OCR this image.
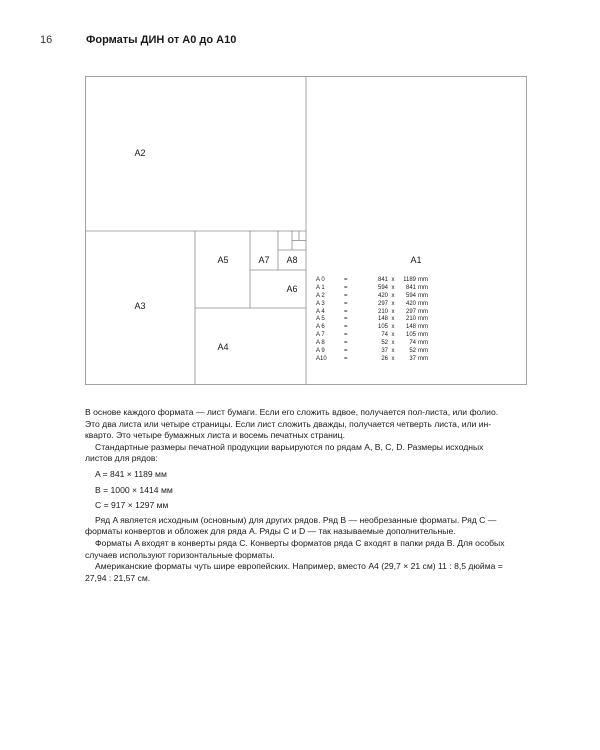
16	Форматы ДИН от А0 до А10
A2
A3
A4
A5
A6
A7 A8	A1
A 0	=	841 x	1189 mm
A 1	=	594 x	841 mm
A 2	=	420 x	594 mm
A 3	=	297 x	420 mm
A 4	=	210 x	297 mm
A 5	=	148 x	210 mm
A 6	=	105 x	148 mm
A 7	=	74 x	105 mm
A 8	=	52 x	74 mm
A 9	=	37 x	52 mm
A10	=	26 x	37 mm

В основе каждого формата — лист бумаги. Если его сложить вдвое, получается пол-листа, или фолио. Это два листа или четыре страницы. Если лист сложить дважды, получается четверть листа, или ин-кварто. Это четыре бумажных листа и восемь печатных страниц.

Стандартные размеры печатной продукции варьируются по рядам A, B, C, D. Размеры исходных листов для рядов:

A = 841 × 1189 мм

B = 1000 × 1414 мм

C = 917 × 1297 мм

Ряд A является исходным (основным) для других рядов. Ряд B — необрезанные форматы. Ряд C — форматы конвертов и обложек для ряда A. Ряды C и D — так называемые дополнительные.

Форматы A входят в конверты ряда C. Конверты форматов ряда C входят в папки ряда B. Для особых случаев используют горизонтальные форматы.

Американские форматы чуть шире европейских. Например, вместо A4 (29,7 × 21 см) 11 : 8,5 дюйма = 27,94 : 21,57 см.
